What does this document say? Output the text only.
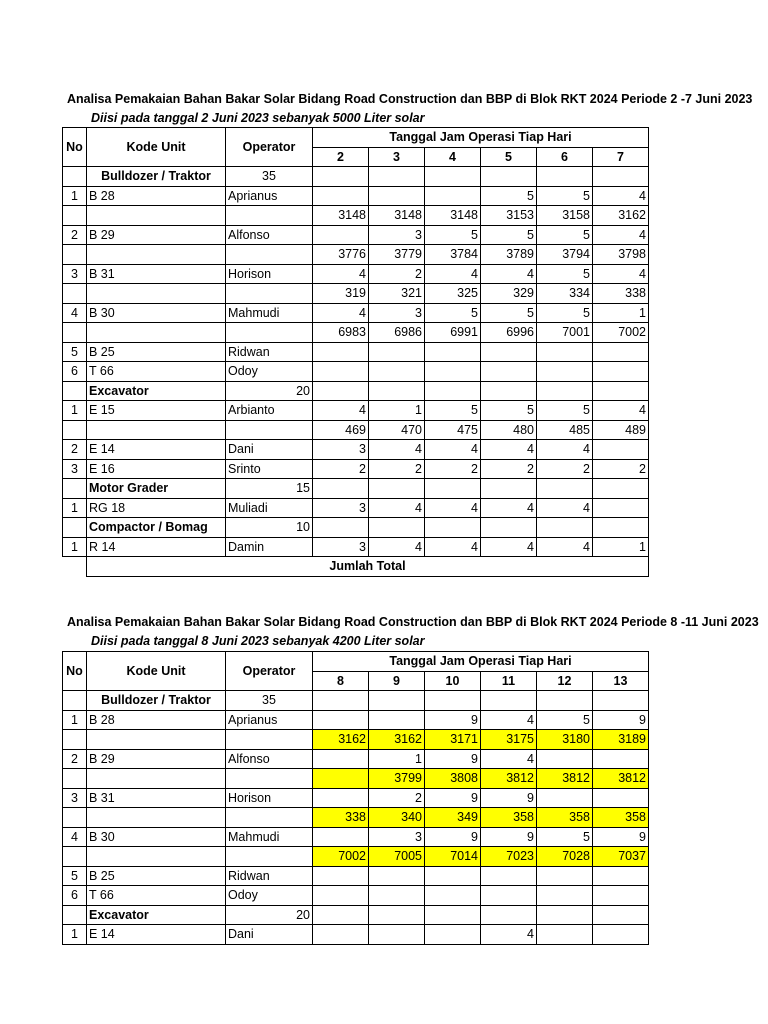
Analisa Pemakaian Bahan Bakar Solar Bidang Road Construction dan BBP di Blok RKT 2024 Periode 2 -7 Juni 2023
Diisi pada tanggal 2 Juni 2023 sebanyak 5000 Liter solar
No	Kode Unit	Operator	Tanggal Jam Operasi Tiap Hari					
			2	3	4	5	6	7
	Bulldozer / Traktor	35						
1	B 28	Aprianus				5	5	4
			3148	3148	3148	3153	3158	3162
2	B 29	Alfonso		3	5	5	5	4
			3776	3779	3784	3789	3794	3798
3	B 31	Horison	4	2	4	4	5	4
			319	321	325	329	334	338
4	B 30	Mahmudi	4	3	5	5	5	1
			6983	6986	6991	6996	7001	7002
5	B 25	Ridwan						
6	T 66	Odoy						
	Excavator	20						
1	E 15	Arbianto	4	1	5	5	5	4
			469	470	475	480	485	489
2	E 14	Dani	3	4	4	4	4	
3	E 16	Srinto	2	2	2	2	2	2
	Motor Grader	15						
1	RG 18	Muliadi	3	4	4	4	4	
	Compactor / Bomag	10						
1	R 14	Damin	3	4	4	4	4	1
	Jumlah Total							
Analisa Pemakaian Bahan Bakar Solar Bidang Road Construction dan BBP di Blok RKT 2024 Periode 8 -11 Juni 2023
Diisi pada tanggal 8 Juni 2023 sebanyak 4200 Liter solar
No	Kode Unit	Operator	Tanggal Jam Operasi Tiap Hari					
			8	9	10	11	12	13
	Bulldozer / Traktor	35						
1	B 28	Aprianus			9	4	5	9
			3162	3162	3171	3175	3180	3189
2	B 29	Alfonso		1	9	4		
				3799	3808	3812	3812	3812
3	B 31	Horison		2	9	9		
			338	340	349	358	358	358
4	B 30	Mahmudi		3	9	9	5	9
			7002	7005	7014	7023	7028	7037
5	B 25	Ridwan						
6	T 66	Odoy						
	Excavator	20						
1	E 14	Dani				4		
